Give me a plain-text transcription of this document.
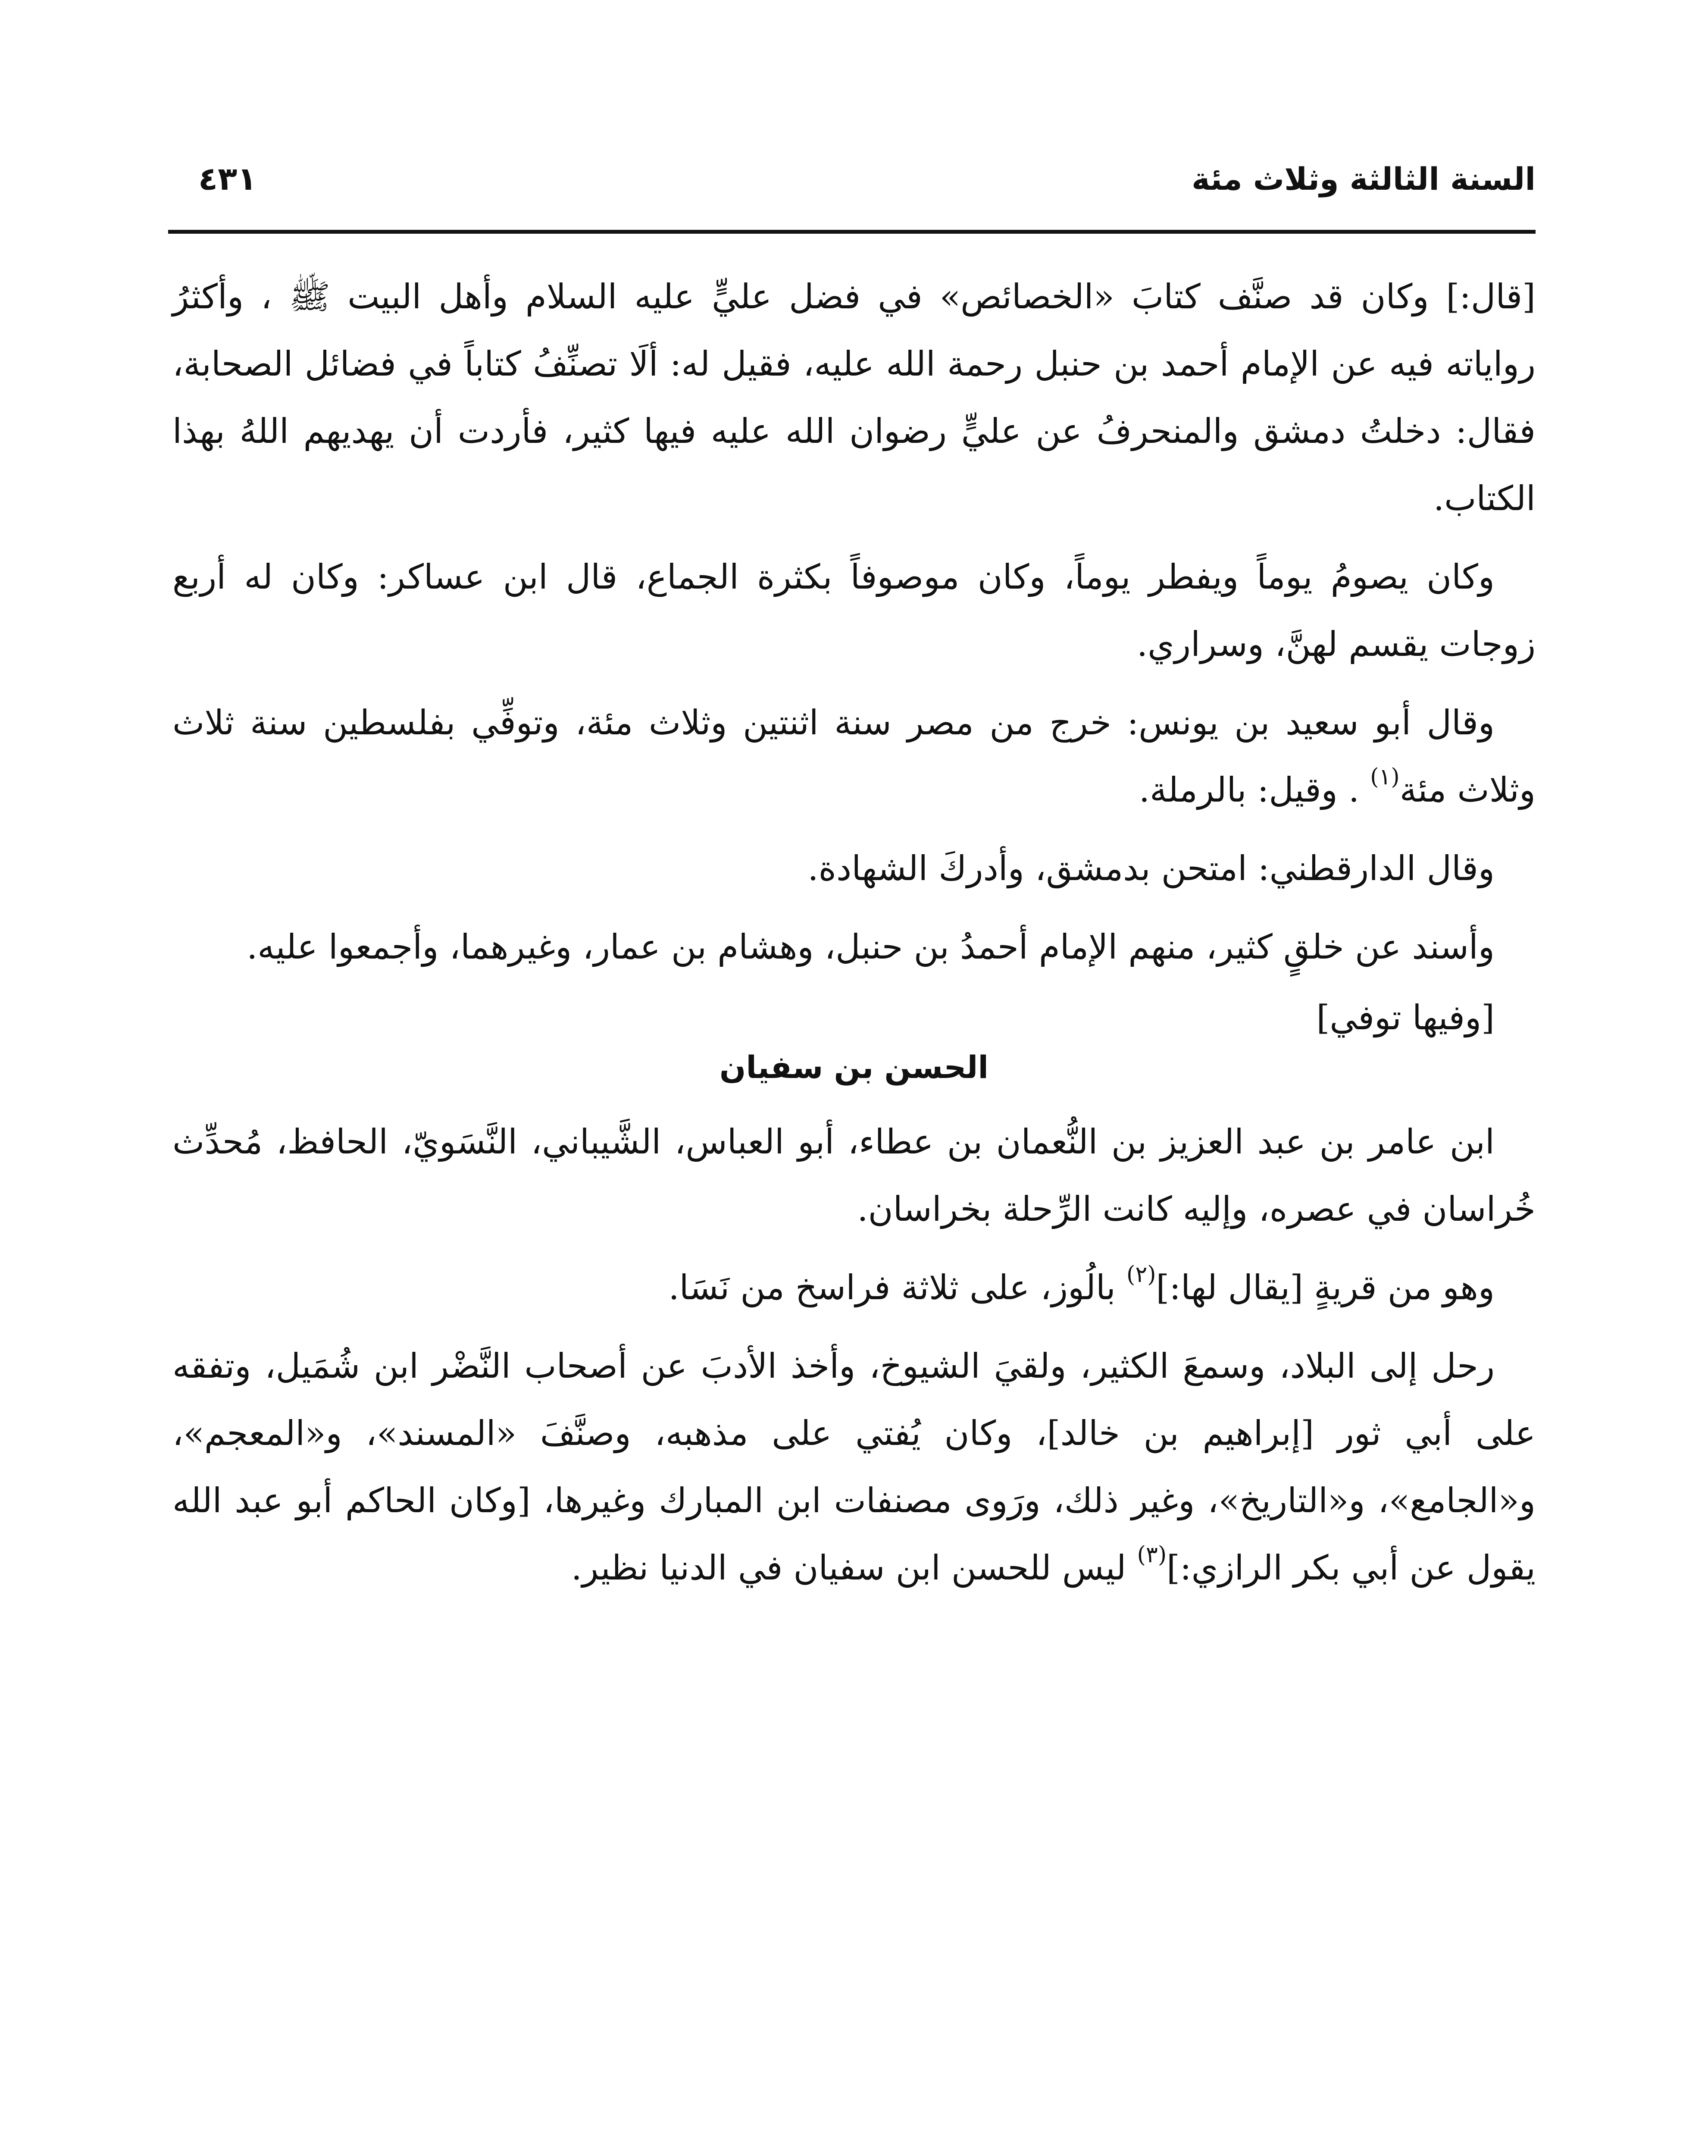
السنة الثالثة وثلاث مئة
٤٣١

[قال:] وكان قد صنَّف كتابَ «الخصائص» في فضل عليٍّ عليه السلام وأهل البيت ﷺ ، وأكثرُ رواياته فيه عن الإمام أحمد بن حنبل رحمة الله عليه، فقيل له: ألَا تصنِّفُ كتاباً في فضائل الصحابة، فقال: دخلتُ دمشق والمنحرفُ عن عليٍّ رضوان الله عليه فيها كثير، فأردت أن يهديهم اللهُ بهذا الكتاب.

وكان يصومُ يوماً ويفطر يوماً، وكان موصوفاً بكثرة الجماع، قال ابن عساكر: وكان له أربع زوجات يقسم لهنَّ، وسراري.

وقال أبو سعيد بن يونس: خرج من مصر سنة اثنتين وثلاث مئة، وتوفِّي بفلسطين سنة ثلاث وثلاث مئة$^{(١)}$ . وقيل: بالرملة.

وقال الدارقطني: امتحن بدمشق، وأدركَ الشهادة.

وأسند عن خلقٍ كثير، منهم الإمام أحمدُ بن حنبل، وهشام بن عمار، وغيرهما، وأجمعوا عليه.

[وفيها توفي]

الحسن بن سفيان

ابن عامر بن عبد العزيز بن النُّعمان بن عطاء، أبو العباس، الشَّيباني، النَّسَويّ، الحافظ، مُحدِّث خُراسان في عصره، وإليه كانت الرِّحلة بخراسان.

وهو من قريةٍ [يقال لها:]$^{(٢)}$ بالُوز، على ثلاثة فراسخ من نَسَا.

رحل إلى البلاد، وسمعَ الكثير، ولقيَ الشيوخ، وأخذ الأدبَ عن أصحاب النَّضْر ابن شُمَيل، وتفقه على أبي ثور [إبراهيم بن خالد]، وكان يُفتي على مذهبه، وصنَّفَ «المسند»، و«المعجم»، و«الجامع»، و«التاريخ»، وغير ذلك، ورَوى مصنفات ابن المبارك وغيرها، [وكان الحاكم أبو عبد الله يقول عن أبي بكر الرازي:]$^{(٣)}$ ليس للحسن ابن سفيان في الدنيا نظير.
